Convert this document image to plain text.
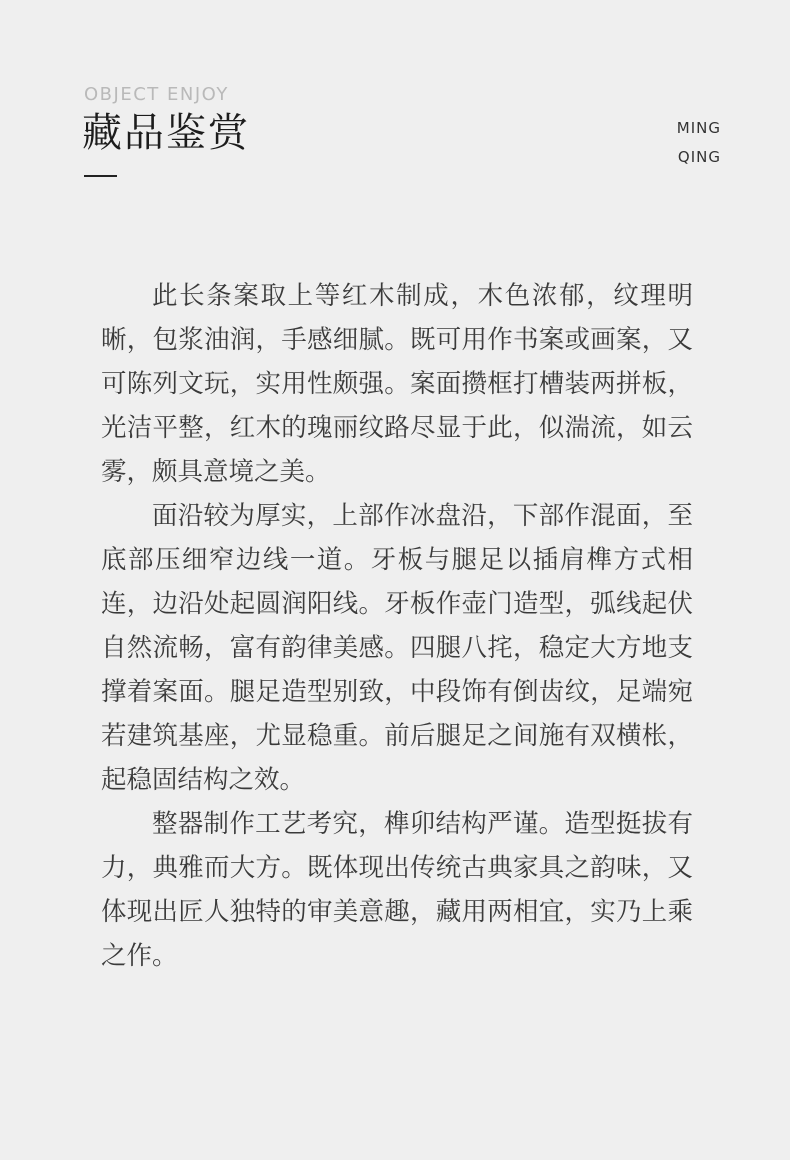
OBJECT ENJOY
藏品鉴赏	MING
QING

此长条案取上等红木制成，木色浓郁，纹理明晰，包浆油润，手感细腻。既可用作书案或画案，又可陈列文玩，实用性颇强。案面攒框打槽装两拼板，光洁平整，红木的瑰丽纹路尽显于此，似湍流，如云雾，颇具意境之美。

面沿较为厚实，上部作冰盘沿，下部作混面，至底部压细窄边线一道。牙板与腿足以插肩榫方式相连，边沿处起圆润阳线。牙板作壶门造型，弧线起伏自然流畅，富有韵律美感。四腿八挓，稳定大方地支撑着案面。腿足造型别致，中段饰有倒齿纹，足端宛若建筑基座，尤显稳重。前后腿足之间施有双横枨，起稳固结构之效。

整器制作工艺考究，榫卯结构严谨。造型挺拔有力，典雅而大方。既体现出传统古典家具之韵味，又体现出匠人独特的审美意趣，藏用两相宜，实乃上乘之作。
